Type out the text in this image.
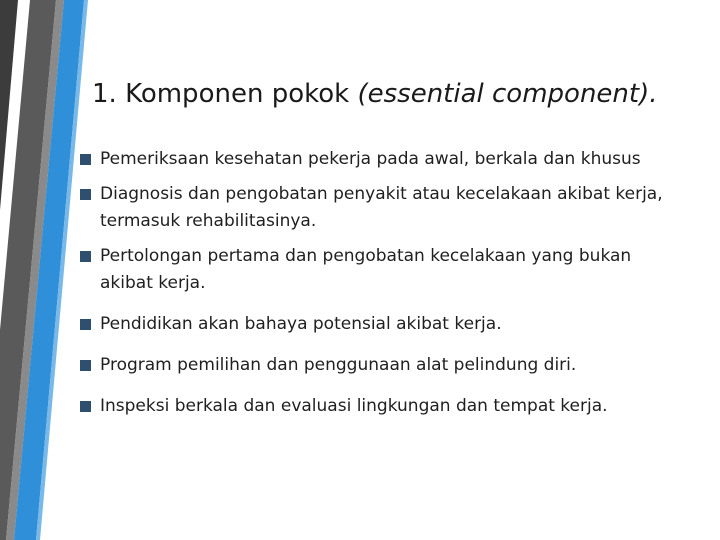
1. Komponen pokok (essential component).
Pemeriksaan kesehatan pekerja pada awal, berkala dan khusus
Diagnosis dan pengobatan penyakit atau kecelakaan akibat kerja, termasuk rehabilitasinya.
Pertolongan pertama dan pengobatan kecelakaan yang bukan akibat kerja.
Pendidikan akan bahaya potensial akibat kerja.
Program pemilihan dan penggunaan alat pelindung diri.
Inspeksi berkala dan evaluasi lingkungan dan tempat kerja.
